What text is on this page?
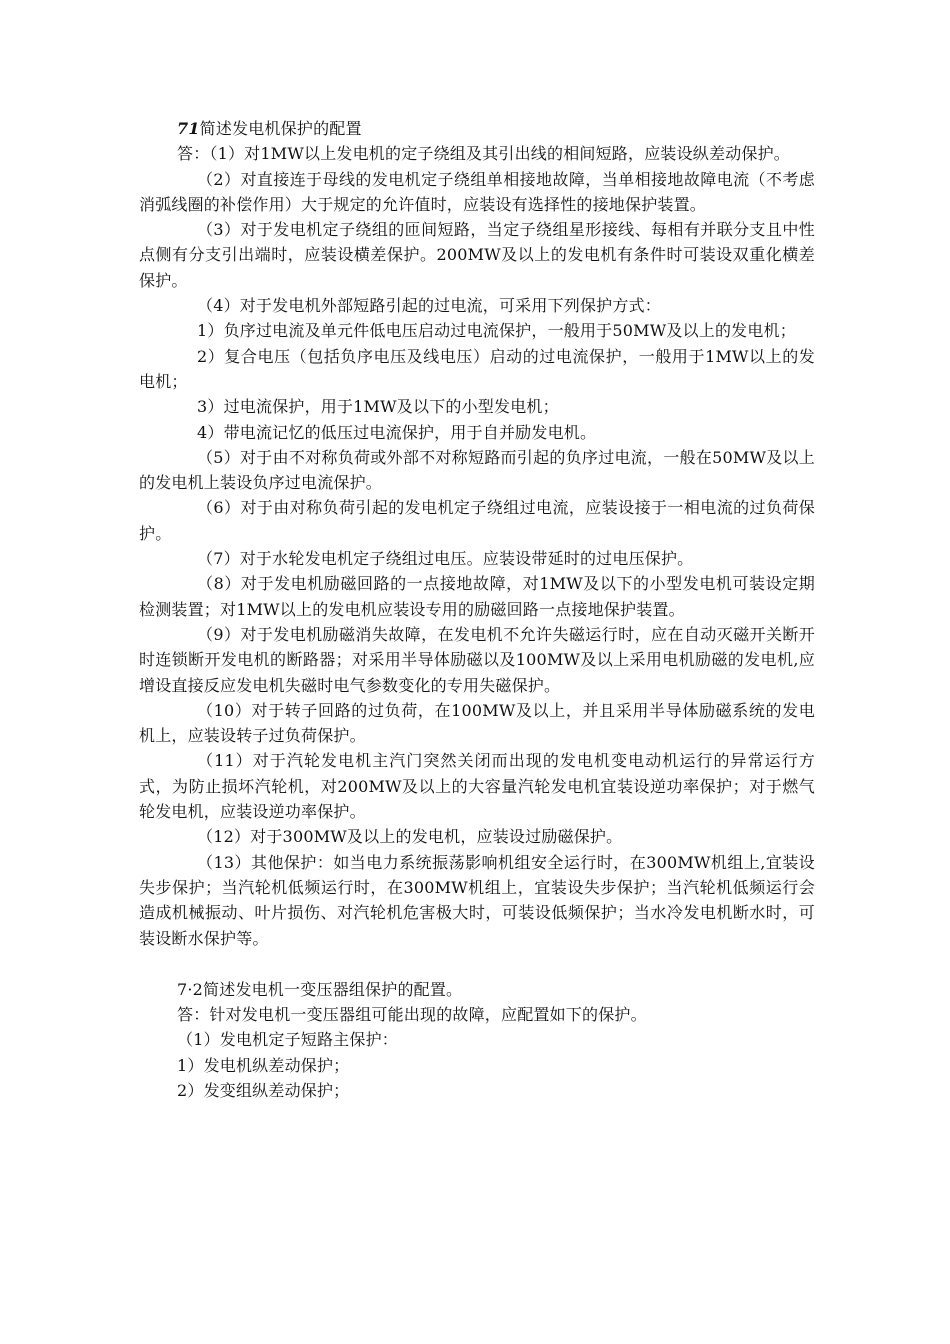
71简述发电机保护的配置

答：（1）对1MW以上发电机的定子绕组及其引出线的相间短路，应装设纵差动保护。

（2）对直接连于母线的发电机定子绕组单相接地故障，当单相接地故障电流（不考虑消弧线圈的补偿作用）大于规定的允许值时，应装设有选择性的接地保护装置。

（3）对于发电机定子绕组的匝间短路，当定子绕组星形接线、每相有并联分支且中性点侧有分支引出端时，应装设横差保护。200MW及以上的发电机有条件时可装设双重化横差保护。

（4）对于发电机外部短路引起的过电流，可采用下列保护方式：

1）负序过电流及单元件低电压启动过电流保护，一般用于50MW及以上的发电机；

2）复合电压（包括负序电压及线电压）启动的过电流保护，一般用于1MW以上的发电机；

3）过电流保护，用于1MW及以下的小型发电机；

4）带电流记忆的低压过电流保护，用于自并励发电机。

（5）对于由不对称负荷或外部不对称短路而引起的负序过电流，一般在50MW及以上的发电机上装设负序过电流保护。

（6）对于由对称负荷引起的发电机定子绕组过电流，应装设接于一相电流的过负荷保护。

（7）对于水轮发电机定子绕组过电压。应装设带延时的过电压保护。

（8）对于发电机励磁回路的一点接地故障，对1MW及以下的小型发电机可装设定期检测装置；对1MW以上的发电机应装设专用的励磁回路一点接地保护装置。

（9）对于发电机励磁消失故障，在发电机不允许失磁运行时，应在自动灭磁开关断开时连锁断开发电机的断路器；对采用半导体励磁以及100MW及以上采用电机励磁的发电机,应增设直接反应发电机失磁时电气参数变化的专用失磁保护。

（10）对于转子回路的过负荷，在100MW及以上，并且采用半导体励磁系统的发电机上，应装设转子过负荷保护。

（11）对于汽轮发电机主汽门突然关闭而出现的发电机变电动机运行的异常运行方式，为防止损坏汽轮机，对200MW及以上的大容量汽轮发电机宜装设逆功率保护；对于燃气轮发电机，应装设逆功率保护。

（12）对于300MW及以上的发电机，应装设过励磁保护。

（13）其他保护：如当电力系统振荡影响机组安全运行时，在300MW机组上,宜装设失步保护；当汽轮机低频运行时，在300MW机组上，宜装设失步保护；当汽轮机低频运行会造成机械振动、叶片损伤、对汽轮机危害极大时，可装设低频保护；当水冷发电机断水时，可装设断水保护等。

7·2简述发电机一变压器组保护的配置。

答：针对发电机一变压器组可能出现的故障，应配置如下的保护。

（1）发电机定子短路主保护：

1）发电机纵差动保护；

2）发变组纵差动保护；
